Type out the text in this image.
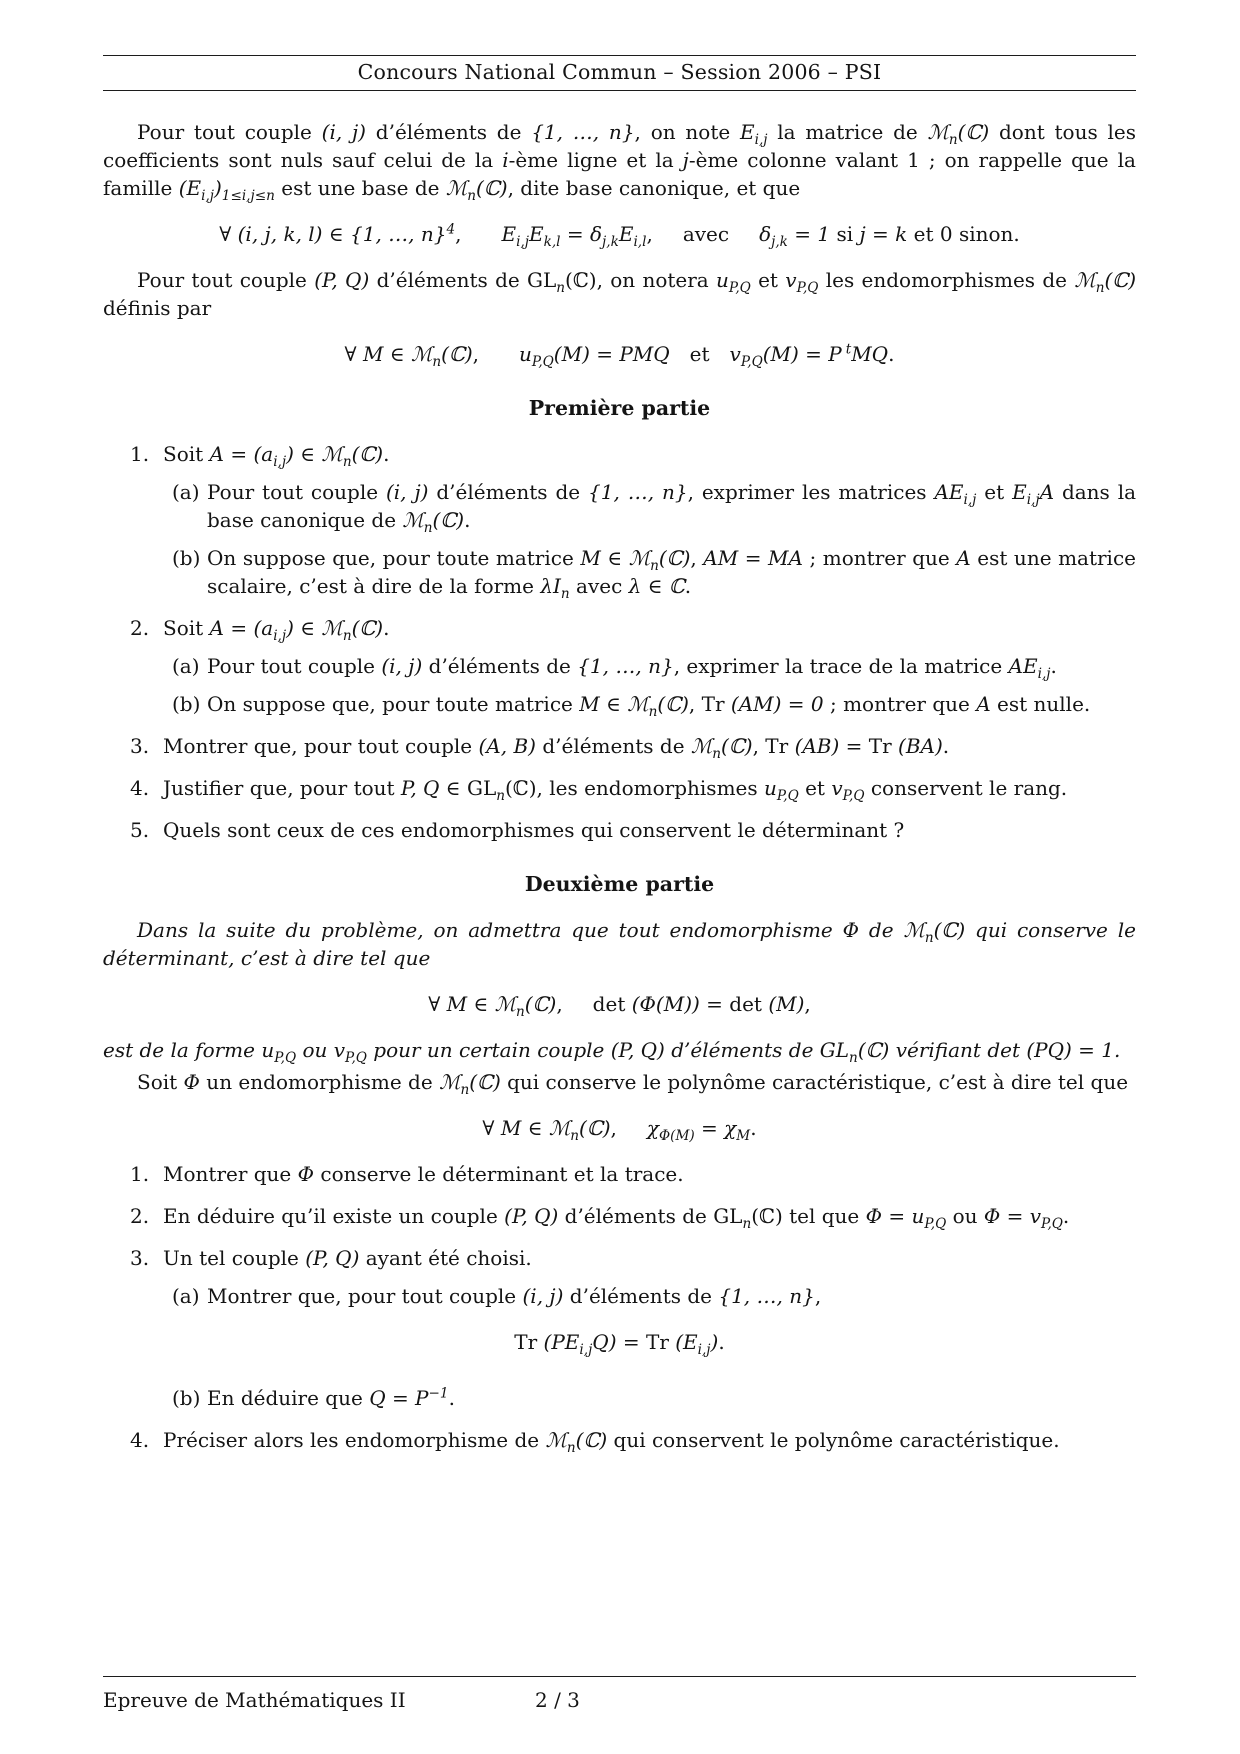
Concours National Commun – Session 2006 – PSI

Pour tout couple (i, j) d’éléments de {1, …, n}, on note $E_{i,j}$ la matrice de ℳ$_n$(ℂ) dont tous les coefficients sont nuls sauf celui de la i-ème ligne et la j-ème colonne valant 1 ; on rappelle que la famille $(E_{i,j})_{1\le i,j\le n}$ est une base de ℳ$_n$(ℂ), dite base canonique, et que

∀ (i, j, k, l) ∈ {1, …, n}$^4$,  $E_{i,j}E_{k,l} = \delta_{j,k}E_{i,l}$,  avec  $\delta_{j,k} = 1$ si j = k et 0 sinon.

Pour tout couple (P, Q) d’éléments de $GL_n(ℂ)$, on notera $u_{P,Q}$ et $v_{P,Q}$ les endomorphismes de ℳ$_n$(ℂ) définis par

∀ M ∈ ℳ$_n$(ℂ),  $u_{P,Q}(M)$ = PMQ et $v_{P,Q}(M) = P$ $^t$MQ.
Première partie
1. Soit $A = (a_{i,j})$ ∈ ℳ$_n$(ℂ).

(a) Pour tout couple (i, j) d’éléments de {1, …, n}, exprimer les matrices $AE_{i,j}$ et $E_{i,j}A$ dans la base canonique de ℳ$_n$(ℂ).

(b) On suppose que, pour toute matrice M ∈ ℳ$_n$(ℂ), AM = MA ; montrer que A est une matrice scalaire, c’est à dire de la forme $\lambda I_n$ avec λ ∈ ℂ.

2. Soit $A = (a_{i,j})$ ∈ ℳ$_n$(ℂ).

(a) Pour tout couple (i, j) d’éléments de {1, …, n}, exprimer la trace de la matrice $AE_{i,j}$.

(b) On suppose que, pour toute matrice M ∈ ℳ$_n$(ℂ), Tr (AM) = 0 ; montrer que A est nulle.

3. Montrer que, pour tout couple (A, B) d’éléments de ℳ$_n$(ℂ), Tr (AB) = Tr (BA).

4. Justifier que, pour tout P, Q ∈ $GL_n(ℂ)$, les endomorphismes $u_{P,Q}$ et $v_{P,Q}$ conservent le rang.

5. Quels sont ceux de ces endomorphismes qui conservent le déterminant ?

Deuxième partie

Dans la suite du problème, on admettra que tout endomorphisme Φ de ℳ$_n$(ℂ) qui conserve le déterminant, c’est à dire tel que

∀ M ∈ ℳ$_n$(ℂ),  det (Φ(M)) = det (M),

est de la forme $u_{P,Q}$ ou $v_{P,Q}$ pour un certain couple (P, Q) d’éléments de $GL_n(ℂ)$ vérifiant det (PQ) = 1.

Soit Φ un endomorphisme de ℳ$_n$(ℂ) qui conserve le polynôme caractéristique, c’est à dire tel que

∀ M ∈ ℳ$_n$(ℂ),  $\chi_{\Phi(M)} = \chi_M$.
1. Montrer que Φ conserve le déterminant et la trace.

2. En déduire qu’il existe un couple (P, Q) d’éléments de $GL_n(ℂ)$ tel que $\Phi = u_{P,Q}$ ou $\Phi = v_{P,Q}$.

3. Un tel couple (P, Q) ayant été choisi.

(a) Montrer que, pour tout couple (i, j) d’éléments de {1, …, n},

Tr $(PE_{i,j}Q) = Tr$ $(E_{i,j})$.
(b) En déduire que $Q = P^{-1}$.

4. Préciser alors les endomorphisme de ℳ$_n$(ℂ) qui conservent le polynôme caractéristique.

Epreuve de Mathématiques II	2 / 3
